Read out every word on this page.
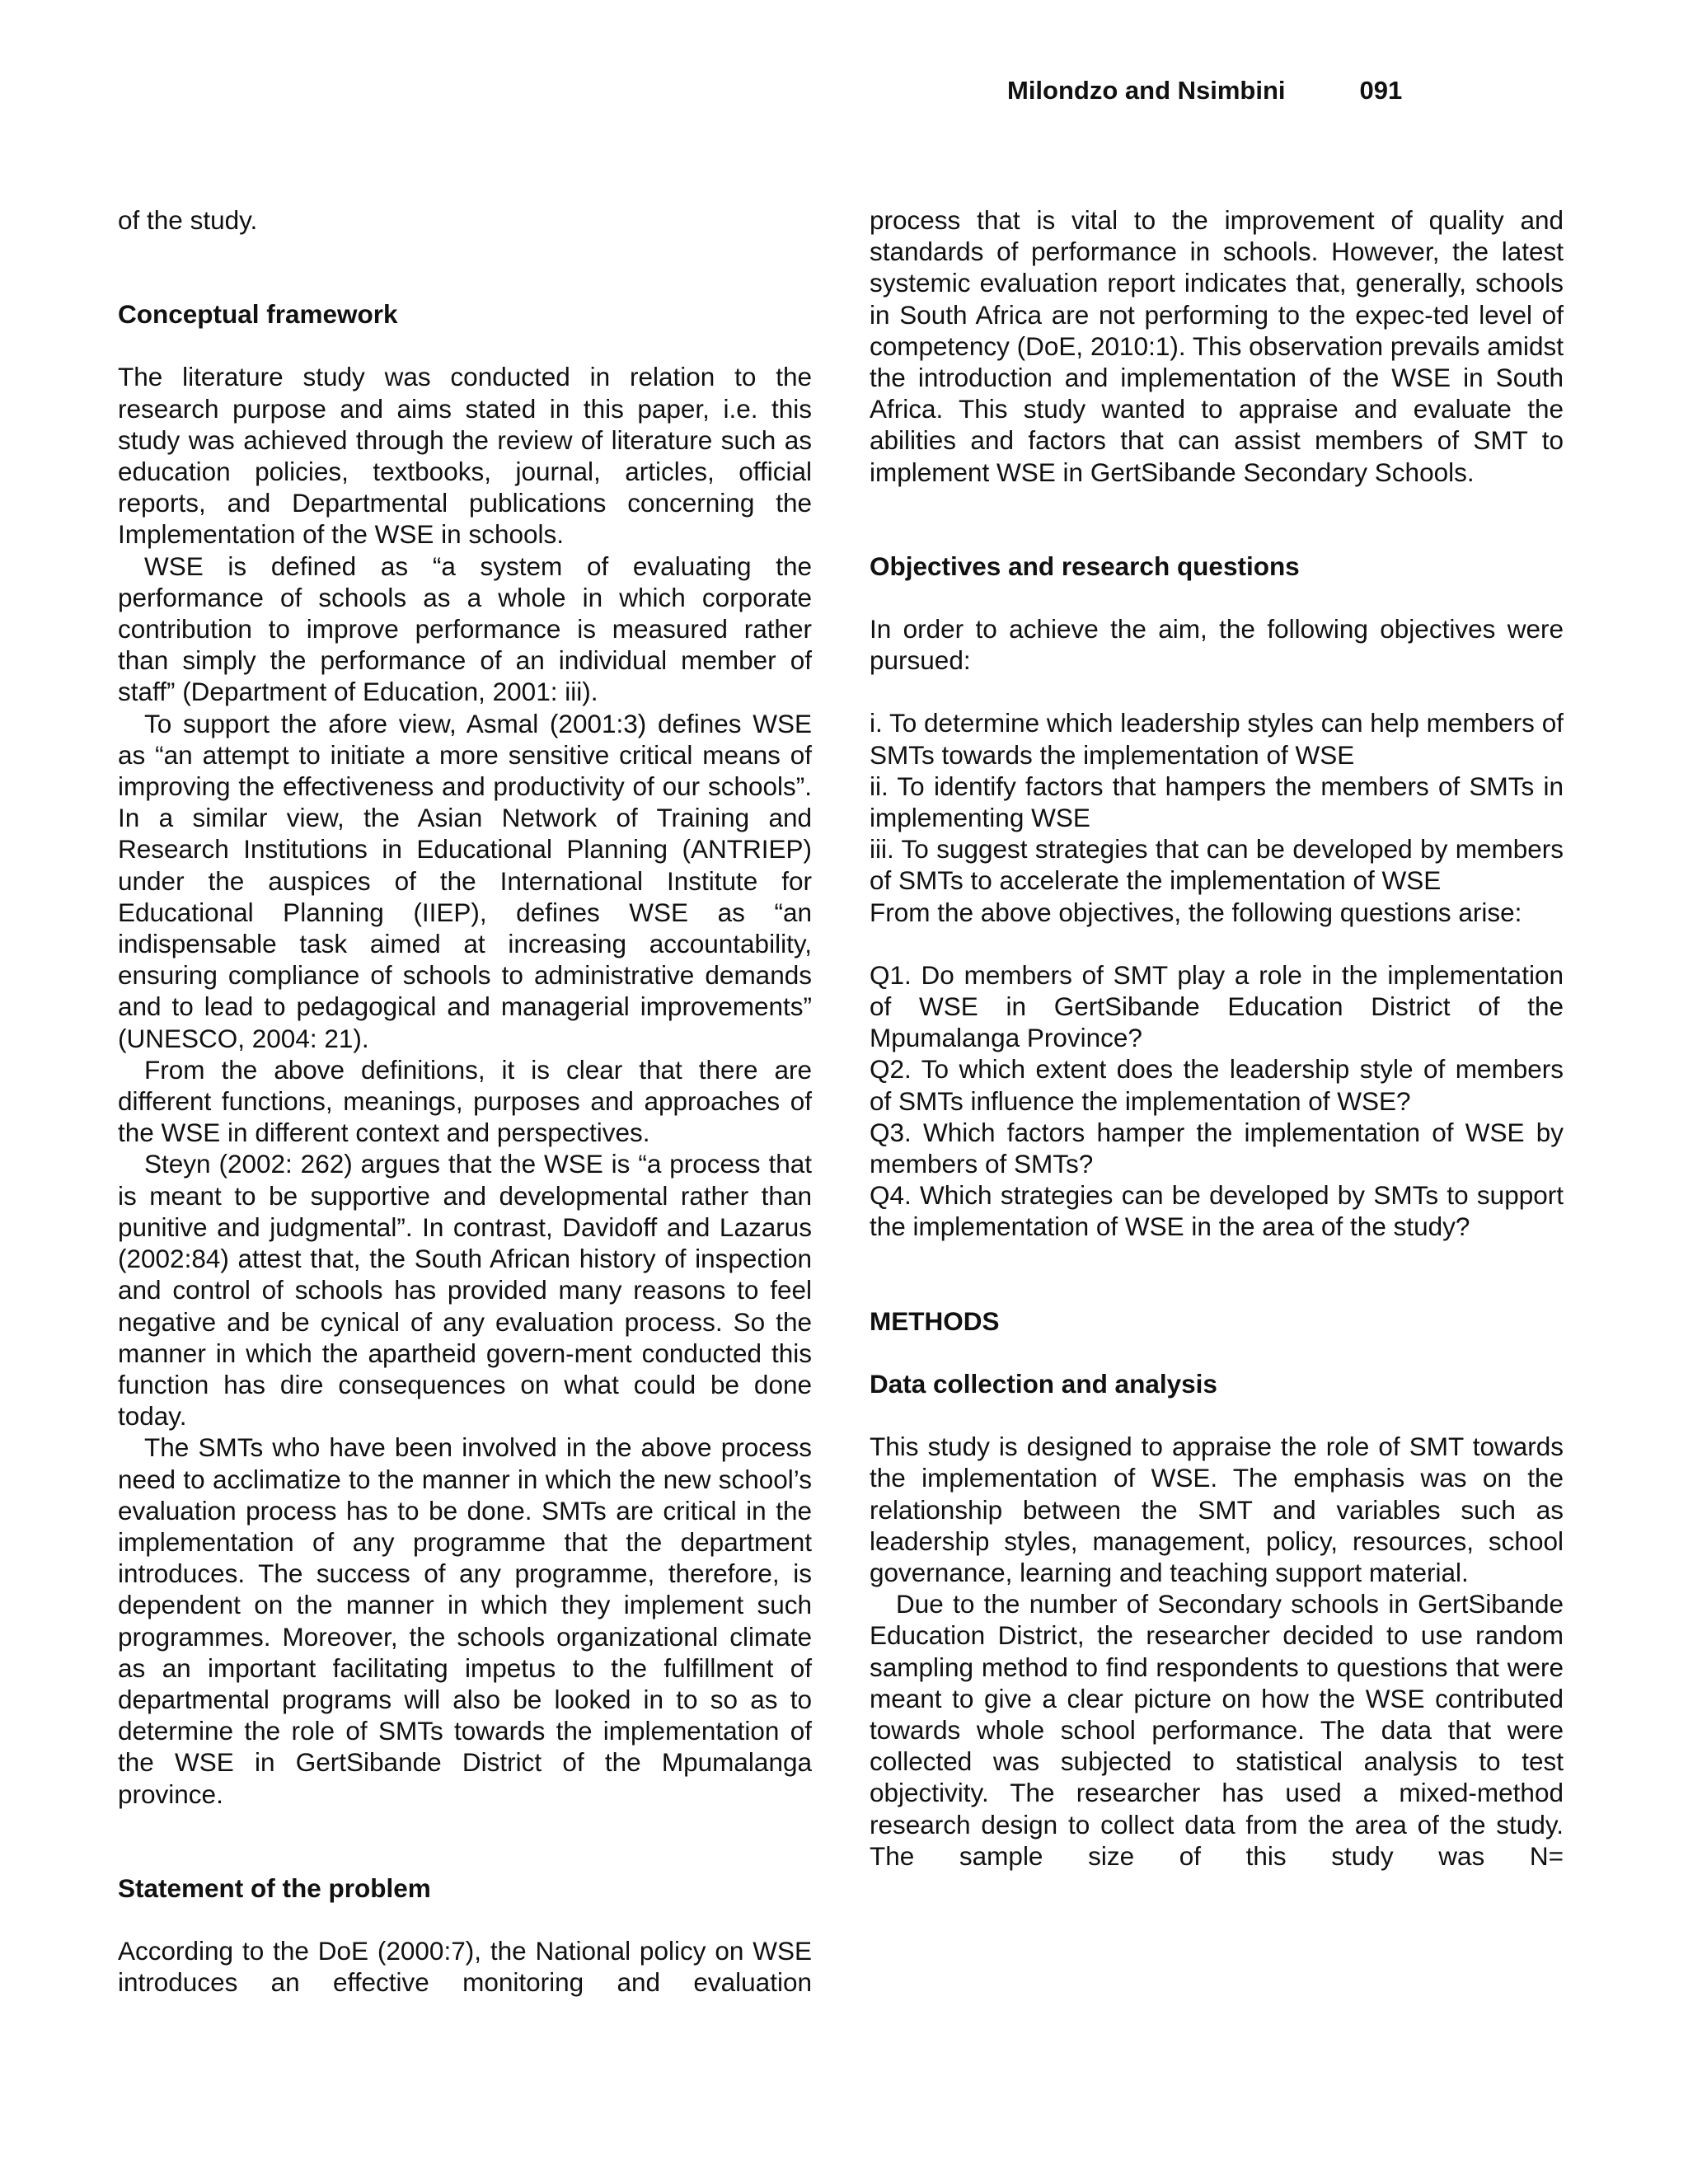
Milondzo and Nsimbini	091

of the study.

Conceptual framework

The literature study was conducted in relation to the research purpose and aims stated in this paper, i.e. this study was achieved through the review of literature such as education policies, textbooks, journal, articles, official reports, and Departmental publications concerning the Implementation of the WSE in schools.

WSE is defined as “a system of evaluating the performance of schools as a whole in which corporate contribution to improve performance is measured rather than simply the performance of an individual member of staff” (Department of Education, 2001: iii).

To support the afore view, Asmal (2001:3) defines WSE as “an attempt to initiate a more sensitive critical means of improving the effectiveness and productivity of our schools”. In a similar view, the Asian Network of Training and Research Institutions in Educational Planning (ANTRIEP) under the auspices of the International Institute for Educational Planning (IIEP), defines WSE as “an indispensable task aimed at increasing accountability, ensuring compliance of schools to administrative demands and to lead to pedagogical and managerial improvements” (UNESCO, 2004: 21).

From the above definitions, it is clear that there are different functions, meanings, purposes and approaches of the WSE in different context and perspectives.

Steyn (2002: 262) argues that the WSE is “a process that is meant to be supportive and developmental rather than punitive and judgmental”. In contrast, Davidoff and Lazarus (2002:84) attest that, the South African history of inspection and control of schools has provided many reasons to feel negative and be cynical of any evaluation process. So the manner in which the apartheid govern-ment conducted this function has dire consequences on what could be done today.

The SMTs who have been involved in the above process need to acclimatize to the manner in which the new school’s evaluation process has to be done. SMTs are critical in the implementation of any programme that the department introduces. The success of any programme, therefore, is dependent on the manner in which they implement such programmes. Moreover, the schools organizational climate as an important facilitating impetus to the fulfillment of departmental programs will also be looked in to so as to determine the role of SMTs towards the implementation of the WSE in GertSibande District of the Mpumalanga province.

Statement of the problem

According to the DoE (2000:7), the National policy on WSE introduces an effective monitoring and evaluation

process that is vital to the improvement of quality and standards of performance in schools. However, the latest systemic evaluation report indicates that, generally, schools in South Africa are not performing to the expec-ted level of competency (DoE, 2010:1). This observation prevails amidst the introduction and implementation of the WSE in South Africa. This study wanted to appraise and evaluate the abilities and factors that can assist members of SMT to implement WSE in GertSibande Secondary Schools.

Objectives and research questions

In order to achieve the aim, the following objectives were pursued:

i. To determine which leadership styles can help members of SMTs towards the implementation of WSE

ii. To identify factors that hampers the members of SMTs in implementing WSE

iii. To suggest strategies that can be developed by members of SMTs to accelerate the implementation of WSE

From the above objectives, the following questions arise:

Q1. Do members of SMT play a role in the implementation of WSE in GertSibande Education District of the Mpumalanga Province?

Q2. To which extent does the leadership style of members of SMTs influence the implementation of WSE?

Q3. Which factors hamper the implementation of WSE by members of SMTs?

Q4. Which strategies can be developed by SMTs to support the implementation of WSE in the area of the study?

METHODS
Data collection and analysis

This study is designed to appraise the role of SMT towards the implementation of WSE. The emphasis was on the relationship between the SMT and variables such as leadership styles, management, policy, resources, school governance, learning and teaching support material.

Due to the number of Secondary schools in GertSibande Education District, the researcher decided to use random sampling method to find respondents to questions that were meant to give a clear picture on how the WSE contributed towards whole school performance. The data that were collected was subjected to statistical analysis to test objectivity. The researcher has used a mixed-method research design to collect data from the area of the study. The sample size of this study was N=
